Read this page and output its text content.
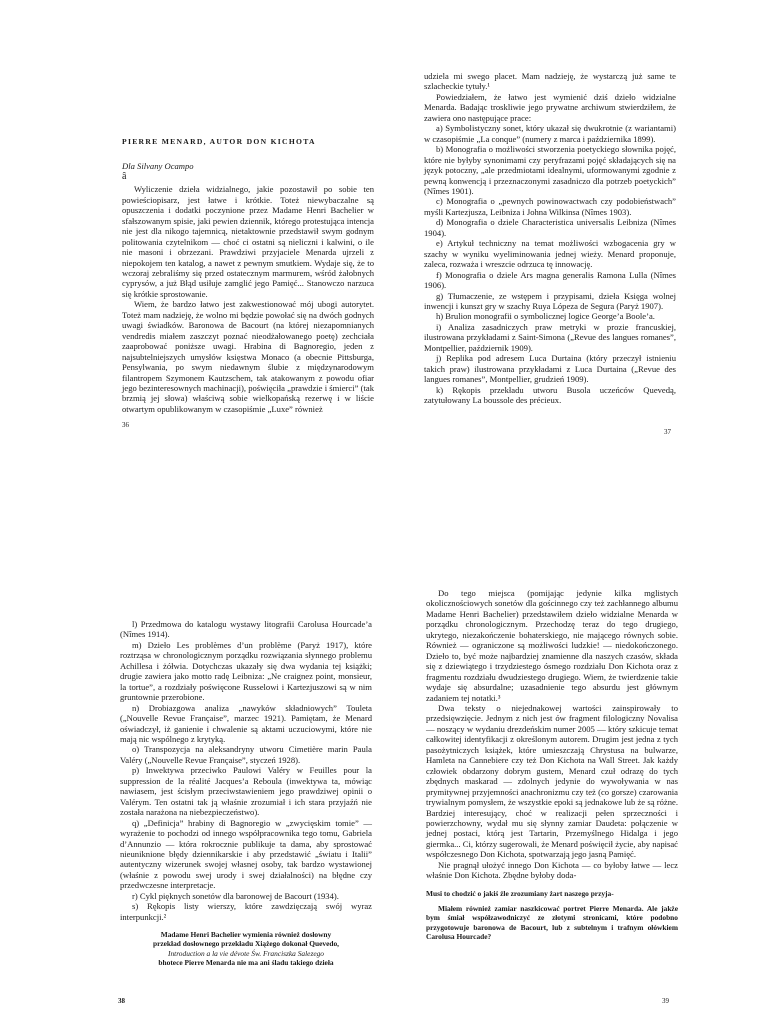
PIERRE MENARD, AUTOR DON KICHOTA

Dla Silvany Ocampo

â

Wyliczenie dzieła widzialnego, jakie pozostawił po sobie ten powieściopisarz, jest łatwe i krótkie. Toteż niewybaczalne są opuszczenia i dodatki poczynione przez Madame Henri Bachelier w sfałszowanym spisie, jaki pewien dziennik, którego protestująca intencja nie jest dla nikogo tajemnicą, nietaktownie przedstawił swym godnym politowania czytelnikom — choć ci ostatni są nieliczni i kalwini, o ile nie masoni i obrzezani. Prawdziwi przyjaciele Menarda ujrzeli z niepokojem ten katalog, a nawet z pewnym smutkiem. Wydaje się, że to wczoraj zebraliśmy się przed ostatecznym marmurem, wśród żałobnych cyprysów, a już Błąd usiłuje zamglić jego Pamięć... Stanowczo narzuca się krótkie sprostowanie.

Wiem, że bardzo łatwo jest zakwestionować mój ubogi autorytet. Toteż mam nadzieję, że wolno mi będzie powołać się na dwóch godnych uwagi świadków. Baronowa de Bacourt (na której niezapomnianych vendredis miałem zaszczyt poznać nieodżałowanego poetę) zechciała zaaprobować poniższe uwagi. Hrabina di Bagnoregio, jeden z najsubtelniejszych umysłów księstwa Monaco (a obecnie Pittsburga, Pensylwania, po swym niedawnym ślubie z międzynarodowym filantropem Szymonem Kautzschem, tak atakowanym z powodu ofiar jego bezinteresownych machinacji), poświęciła „prawdzie i śmierci” (tak brzmią jej słowa) właściwą sobie wielkopańską rezerwę i w liście otwartym opublikowanym w czasopiśmie „Luxe” również

36

udziela mi swego placet. Mam nadzieję, że wystarczą już same te szlacheckie tytuły.¹

Powiedziałem, że łatwo jest wymienić dziś dzieło widzialne Menarda. Badając troskliwie jego prywatne archiwum stwierdziłem, że zawiera ono następujące prace:

a) Symbolistyczny sonet, który ukazał się dwukrotnie (z wariantami) w czasopiśmie „La conque” (numery z marca i października 1899).

b) Monografia o możliwości stworzenia poetyckiego słownika pojęć, które nie byłyby synonimami czy peryfrazami pojęć składających się na język potoczny, „ale przedmiotami idealnymi, uformowanymi zgodnie z pewną konwencją i przeznaczonymi zasadniczo dla potrzeb poetyckich” (Nîmes 1901).

c) Monografia o „pewnych powinowactwach czy podobieństwach” myśli Kartezjusza, Leibniza i Johna Wilkinsa (Nîmes 1903).

d) Monografia o dziele Characteristica universalis Leibniza (Nîmes 1904).

e) Artykuł techniczny na temat możliwości wzbogacenia gry w szachy w wyniku wyeliminowania jednej wieży. Menard proponuje, zaleca, rozważa i wreszcie odrzuca tę innowację.

f) Monografia o dziele Ars magna generalis Ramona Lulla (Nîmes 1906).

g) Tłumaczenie, ze wstępem i przypisami, dzieła Księga wolnej inwencji i kunszt gry w szachy Ruya Lópeza de Segura (Paryż 1907).

h) Brulion monografii o symbolicznej logice George’a Boole’a.

i) Analiza zasadniczych praw metryki w prozie francuskiej, ilustrowana przykładami z Saint-Simona („Revue des langues romanes”, Montpellier, październik 1909).

j) Replika pod adresem Luca Durtaina (który przeczył istnieniu takich praw) ilustrowana przykładami z Luca Durtaina („Revue des langues romanes”, Montpellier, grudzień 1909).

k) Rękopis przekładu utworu Busola uczeńców Quevedą, zatytułowany La boussole des précieux.

37

l) Przedmowa do katalogu wystawy litografii Carolusa Hourcade’a (Nîmes 1914).

m) Dzieło Les problèmes d’un problème (Paryż 1917), które roztrząsa w chronologicznym porządku rozwiązania słynnego problemu Achillesa i żółwia. Dotychczas ukazały się dwa wydania tej książki; drugie zawiera jako motto radę Leibniza: „Ne craignez point, monsieur, la tortue”, a rozdziały poświęcone Russelowi i Kartezjuszowi są w nim gruntownie przerobione.

n) Drobiazgowa analiza „nawyków składniowych” Touleta („Nouvelle Revue Française”, marzec 1921). Pamiętam, że Menard oświadczył, iż ganienie i chwalenie są aktami uczuciowymi, które nie mają nic wspólnego z krytyką.

o) Transpozycja na aleksandryny utworu Cimetière marin Paula Valéry („Nouvelle Revue Française”, styczeń 1928).

p) Inwektywa przeciwko Paulowi Valéry w Feuilles pour la suppression de la réalité Jacques’a Reboula (inwektywa ta, mówiąc nawiasem, jest ścisłym przeciwstawieniem jego prawdziwej opinii o Valérym. Ten ostatni tak ją właśnie zrozumiał i ich stara przyjaźń nie została narażona na niebezpieczeństwo).

q) „Definicja” hrabiny di Bagnoregio w „zwycięskim tomie” — wyrażenie to pochodzi od innego współpracownika tego tomu, Gabriela d’Annunzio — która rokrocznie publikuje ta dama, aby sprostować nieuniknione błędy dziennikarskie i aby przedstawić „światu i Italii” autentyczny wizerunek swojej własnej osoby, tak bardzo wystawionej (właśnie z powodu swej urody i swej działalności) na błędne czy przedwczesne interpretacje.

r) Cykl pięknych sonetów dla baronowej de Bacourt (1934).

s) Rękopis listy wierszy, które zawdzięczają swój wyraz interpunkcji.²

Madame Henri Bachelier wymienia również dosłowny

przekład dosłownego przekładu Xiążego dokonał Quevedo,

Introduction a la vie dévote Św. Franciszka Salezego

bhotece Pierre Menarda nie ma ani śladu takiego dzieła

38

Do tego miejsca (pomijając jedynie kilka mglistych okolicznościowych sonetów dla gościnnego czy też zachłannego albumu Madame Henri Bachelier) przedstawiłem dzieło widzialne Menarda w porządku chronologicznym. Przechodzę teraz do tego drugiego, ukrytego, niezakończenie bohaterskiego, nie mającego równych sobie. Również — ograniczone są możliwości ludzkie! — niedokończonego. Dzieło to, być może najbardziej znamienne dla naszych czasów, składa się z dziewiątego i trzydziestego ósmego rozdziału Don Kichota oraz z fragmentu rozdziału dwudziestego drugiego. Wiem, że twierdzenie takie wydaje się absurdalne; uzasadnienie tego absurdu jest głównym zadaniem tej notatki.³

Dwa teksty o niejednakowej wartości zainspirowały to przedsięwzięcie. Jednym z nich jest ów fragment filologiczny Novalisa — noszący w wydaniu drezdeńskim numer 2005 — który szkicuje temat całkowitej identyfikacji z określonym autorem. Drugim jest jedna z tych pasożytniczych książek, które umieszczają Chrystusa na bulwarze, Hamleta na Cannebiere czy też Don Kichota na Wall Street. Jak każdy człowiek obdarzony dobrym gustem, Menard czuł odrazę do tych zbędnych maskarad — zdolnych jedynie do wywoływania w nas prymitywnej przyjemności anachronizmu czy też (co gorsze) czarowania trywialnym pomysłem, że wszystkie epoki są jednakowe lub że są różne. Bardziej interesujący, choć w realizacji pełen sprzeczności i powierzchowny, wydał mu się słynny zamiar Daudeta: połączenie w jednej postaci, którą jest Tartarin, Przemyślnego Hidalga i jego giermka... Ci, którzy sugerowali, że Menard poświęcił życie, aby napisać współczesnego Don Kichota, spotwarzają jego jasną Pamięć.

Nie pragnął ułożyć innego Don Kichota — co byłoby łatwe — lecz właśnie Don Kichota. Zbędne byłoby doda-

Musi to chodzić o jakiś źle zrozumiany żart naszego przyja-

Miałem również zamiar naszkicować portret Pierre Menarda. Ale jakże bym śmiał współzawodniczyć ze złotymi stronicami, które podobno przygotowuje baronowa de Bacourt, lub z subtelnym i trafnym ołówkiem Carolusa Hourcade?

39
